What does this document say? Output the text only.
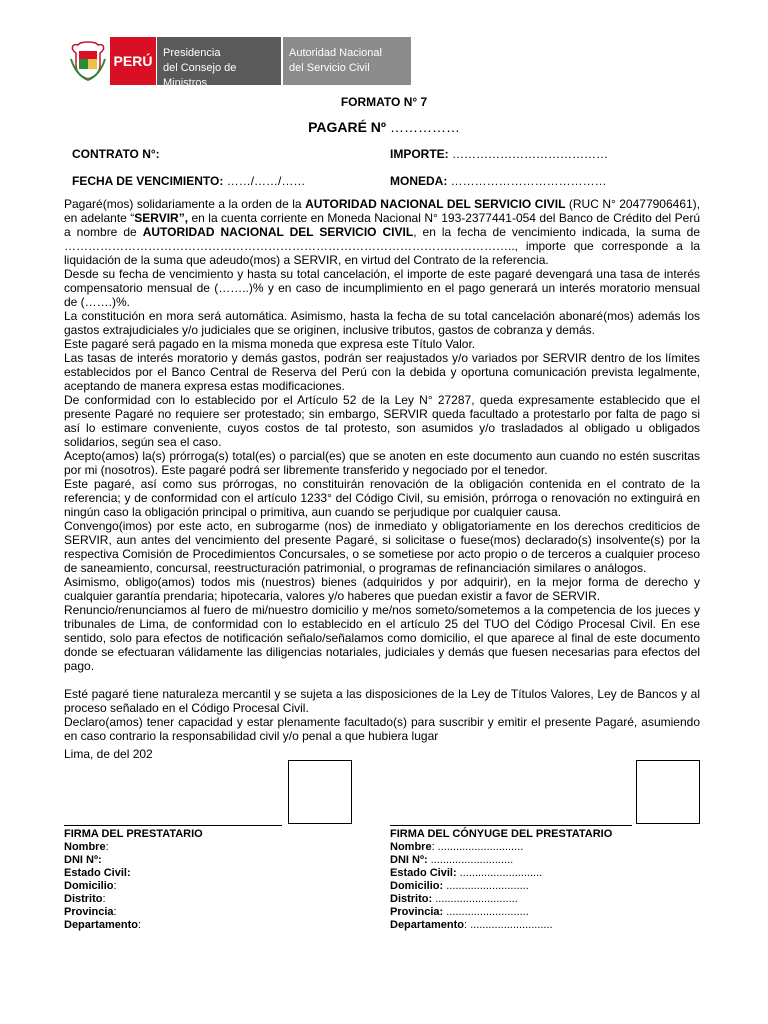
PERÚ Presidencia
del Consejo de Ministros
Autoridad Nacional
del Servicio Civil
FORMATO N° 7
PAGARÉ Nº ……………
CONTRATO N°:	IMPORTE: …………………………………
FECHA DE VENCIMIENTO: ……/……/……	MONEDA: …………………………………

Pagaré(mos) solidariamente a la orden de la AUTORIDAD NACIONAL DEL SERVICIO CIVIL (RUC N° 20477906461), en adelante “SERVIR”, en la cuenta corriente en Moneda Nacional N° 193-2377441-054 del Banco de Crédito del Perú a nombre de AUTORIDAD NACIONAL DEL SERVICIO CIVIL, en la fecha de vencimiento indicada, la suma de ………………………………………………………………………………………………….., importe que corresponde a la liquidación de la suma que adeudo(mos) a SERVIR, en virtud del Contrato de la referencia.

Desde su fecha de vencimiento y hasta su total cancelación, el importe de este pagaré devengará una tasa de interés compensatorio mensual de (……..)% y en caso de incumplimiento en el pago generará un interés moratorio mensual de (…….)%.

La constitución en mora será automática. Asimismo, hasta la fecha de su total cancelación abonaré(mos) además los gastos extrajudiciales y/o judiciales que se originen, inclusive tributos, gastos de cobranza y demás.

Este pagaré será pagado en la misma moneda que expresa este Título Valor.

Las tasas de interés moratorio y demás gastos, podrán ser reajustados y/o variados por SERVIR dentro de los límites establecidos por el Banco Central de Reserva del Perú con la debida y oportuna comunicación prevista legalmente, aceptando de manera expresa estas modificaciones.

De conformidad con lo establecido por el Artículo 52 de la Ley N° 27287, queda expresamente establecido que el presente Pagaré no requiere ser protestado; sin embargo, SERVIR queda facultado a protestarlo por falta de pago si así lo estimare conveniente, cuyos costos de tal protesto, son asumidos y/o trasladados al obligado u obligados solidarios, según sea el caso.

Acepto(amos) la(s) prórroga(s) total(es) o parcial(es) que se anoten en este documento aun cuando no estén suscritas por mi (nosotros). Este pagaré podrá ser libremente transferido y negociado por el tenedor.

Este pagaré, así como sus prórrogas, no constituirán renovación de la obligación contenida en el contrato de la referencia; y de conformidad con el artículo 1233° del Código Civil, su emisión, prórroga o renovación no extinguirá en ningún caso la obligación principal o primitiva, aun cuando se perjudique por cualquier causa.

Convengo(imos) por este acto, en subrogarme (nos) de inmediato y obligatoriamente en los derechos crediticios de SERVIR, aun antes del vencimiento del presente Pagaré, si solicitase o fuese(mos) declarado(s) insolvente(s) por la respectiva Comisión de Procedimientos Concursales, o se sometiese por acto propio o de terceros a cualquier proceso de saneamiento, concursal, reestructuración patrimonial, o programas de refinanciación similares o análogos.

Asimismo, obligo(amos) todos mis (nuestros) bienes (adquiridos y por adquirir), en la mejor forma de derecho y cualquier garantía prendaria; hipotecaria, valores y/o haberes que puedan existir a favor de SERVIR.

Renuncio/renunciamos al fuero de mi/nuestro domicilio y me/nos someto/sometemos a la competencia de los jueces y tribunales de Lima, de conformidad con lo establecido en el artículo 25 del TUO del Código Procesal Civil. En ese sentido, solo para efectos de notificación señalo/señalamos como domicilio, el que aparece al final de este documento donde se efectuaran válidamente las diligencias notariales, judiciales y demás que fuesen necesarias para efectos del pago.

Esté pagaré tiene naturaleza mercantil y se sujeta a las disposiciones de la Ley de Títulos Valores, Ley de Bancos y al proceso señalado en el Código Procesal Civil.

Declaro(amos) tener capacidad y estar plenamente facultado(s) para suscribir y emitir el presente Pagaré, asumiendo en caso contrario la responsabilidad civil y/o penal a que hubiera lugar

Lima, de del 202
FIRMA DEL PRESTATARIO
Nombre:
DNI Nº:
Estado Civil:
Domicilio:
Distrito:
Provincia:
Departamento:
FIRMA DEL CÓNYUGE DEL PRESTATARIO
Nombre: ............................
DNI Nº: ...........................
Estado Civil: ...........................
Domicilio: ...........................
Distrito: ...........................
Provincia: ...........................
Departamento: ...........................
